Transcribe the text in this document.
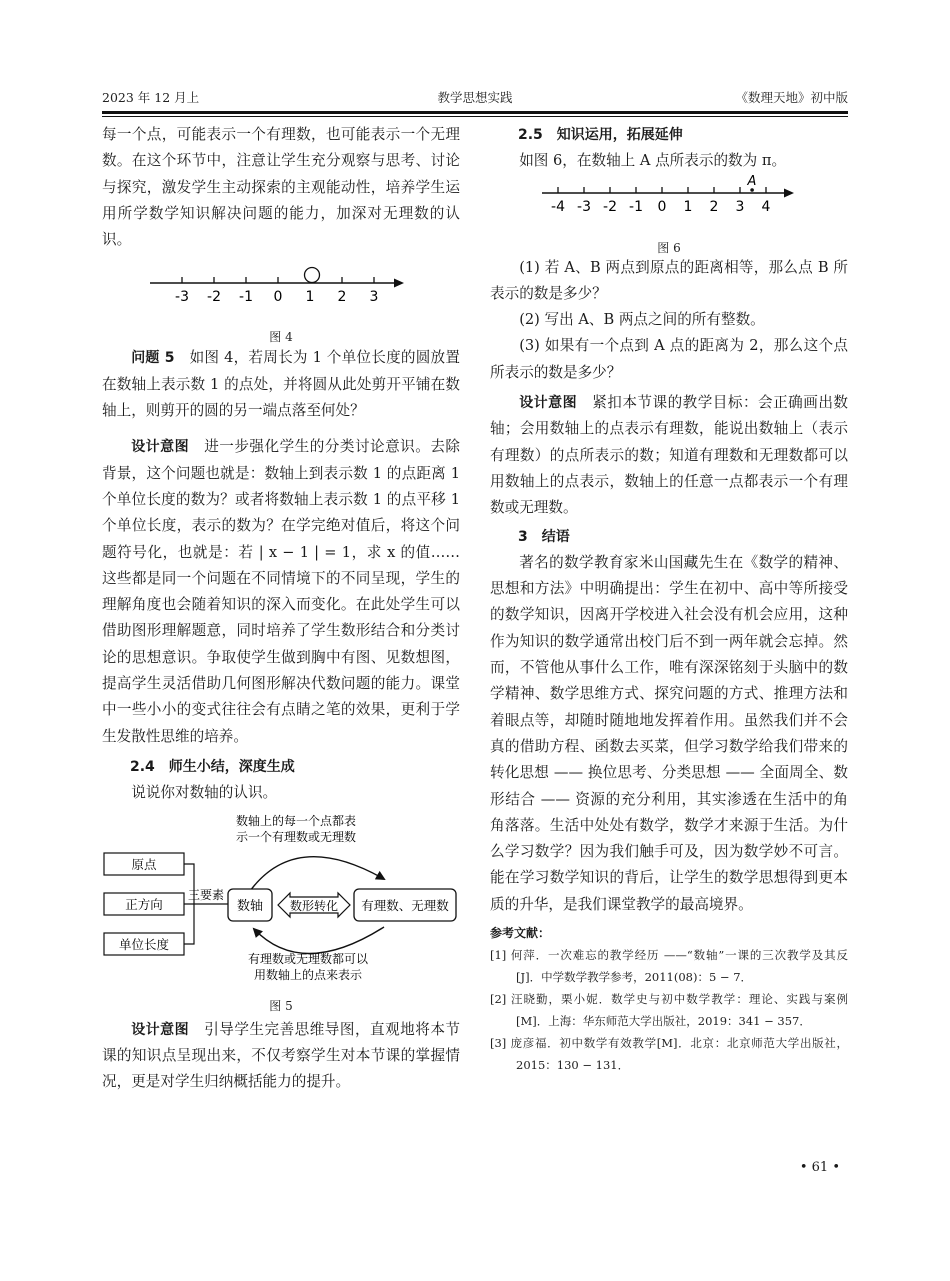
2023 年 12 月上	教学思想实践	《数理天地》初中版

每一个点，可能表示一个有理数，也可能表示一个无理数。在这个环节中，注意让学生充分观察与思考、讨论与探究，激发学生主动探索的主观能动性，培养学生运用所学数学知识解决问题的能力，加深对无理数的认识。

-3 -2 -1 0 1 2 3
图 4

问题 5　 如图 4，若周长为 1 个单位长度的圆放置在数轴上表示数 1 的点处，并将圆从此处剪开平铺在数轴上，则剪开的圆的另一端点落至何处？

设计意图　 进一步强化学生的分类讨论意识。去除背景，这个问题也就是：数轴上到表示数 1 的点距离 1 个单位长度的数为？或者将数轴上表示数 1 的点平移 1 个单位长度，表示的数为？在学完绝对值后，将这个问题符号化，也就是：若 | x − 1 | = 1，求 x 的值……这些都是同一个问题在不同情境下的不同呈现，学生的理解角度也会随着知识的深入而变化。在此处学生可以借助图形理解题意，同时培养了学生数形结合和分类讨论的思想意识。争取使学生做到胸中有图、见数想图，提高学生灵活借助几何图形解决代数问题的能力。课堂中一些小小的变式往往会有点睛之笔的效果，更利于学生发散性思维的培养。

2.4　师生小结，深度生成

说说你对数轴的认识。

数轴上的每一个点都表
示一个有理数或无理数
原点
正方向
单位长度
三要素
数轴 数形转化 有理数、无理数
有理数或无理数都可以
用数轴上的点来表示
图 5

设计意图　 引导学生完善思维导图，直观地将本节课的知识点呈现出来，不仅考察学生对本节课的掌握情况，更是对学生归纳概括能力的提升。

2.5　知识运用，拓展延伸

如图 6，在数轴上 A 点所表示的数为 π。

-4 -3 -2 -1 0 1 2 3 4
A
图 6

(1) 若 A、B 两点到原点的距离相等，那么点 B 所表示的数是多少？

(2) 写出 A、B 两点之间的所有整数。

(3) 如果有一个点到 A 点的距离为 2，那么这个点所表示的数是多少？

设计意图　 紧扣本节课的教学目标：会正确画出数轴；会用数轴上的点表示有理数，能说出数轴上（表示有理数）的点所表示的数；知道有理数和无理数都可以用数轴上的点表示，数轴上的任意一点都表示一个有理数或无理数。

3　结语

著名的数学教育家米山国藏先生在《数学的精神、思想和方法》中明确提出：学生在初中、高中等所接受的数学知识，因离开学校进入社会没有机会应用，这种作为知识的数学通常出校门后不到一两年就会忘掉。然而，不管他从事什么工作，唯有深深铭刻于头脑中的数学精神、数学思维方式、探究问题的方式、推理方法和着眼点等，却随时随地地发挥着作用。虽然我们并不会真的借助方程、函数去买菜，但学习数学给我们带来的转化思想 —— 换位思考、分类思想 —— 全面周全、数形结合 —— 资源的充分利用，其实渗透在生活中的角角落落。生活中处处有数学，数学才来源于生活。为什么学习数学？因为我们触手可及，因为数学妙不可言。能在学习数学知识的背后，让学生的数学思想得到更本质的升华，是我们课堂教学的最高境界。

参考文献：

[1] 何萍．一次难忘的教学经历 ——“数轴”一课的三次教学及其反[J]．中学数学教学参考，2011(08)：5 − 7．

[2] 汪晓勤，栗小妮．数学史与初中数学教学：理论、实践与案例[M]．上海：华东师范大学出版社，2019：341 − 357．

[3] 庞彦福．初中数学有效教学[M]．北京：北京师范大学出版社，2015：130 − 131．

• 61 •
